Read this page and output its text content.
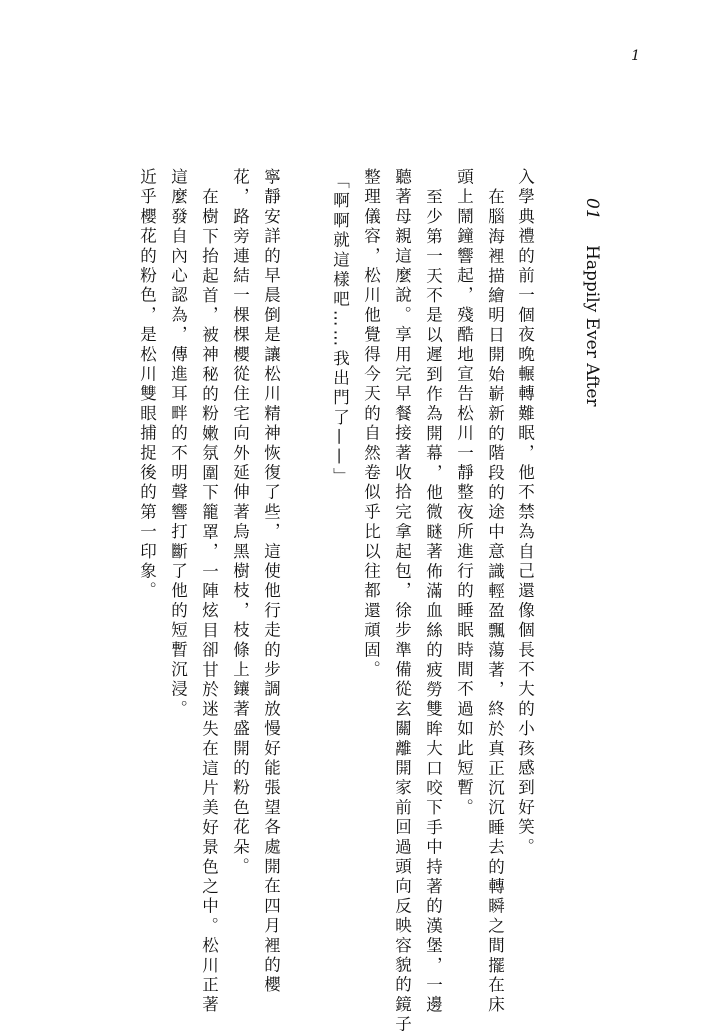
1
01 Happily Ever After
入學典禮的前一個夜晚輾轉難眠，他不禁為自己還像個長不大的小孩感到好笑。
在腦海裡描繪明日開始嶄新的階段的途中意識輕盈飄蕩著，終於真正沉沉睡去的轉瞬之間擺在床
頭上鬧鐘響起，殘酷地宣告松川一靜整夜所進行的睡眠時間不過如此短暫。
至少第一天不是以遲到作為開幕，他微瞇著佈滿血絲的疲勞雙眸大口咬下手中持著的漢堡，一邊
聽著母親這麼說。享用完早餐接著收拾完拿起包，徐步準備從玄關離開家前回過頭向反映容貌的鏡子
整理儀容，松川他覺得今天的自然卷似乎比以往都還頑固。
「啊啊就這樣吧……我出門了——」
寧靜安詳的早晨倒是讓松川精神恢復了些，這使他行走的步調放慢好能張望各處開在四月裡的櫻
花，路旁連結一棵棵櫻從住宅向外延伸著烏黑樹枝，枝條上鑲著盛開的粉色花朵。
在樹下抬起首，被神秘的粉嫩氛圍下籠罩，一陣炫目卻甘於迷失在這片美好景色之中。松川正著
這麼發自內心認為，傳進耳畔的不明聲響打斷了他的短暫沉浸。
近乎櫻花的粉色，是松川雙眼捕捉後的第一印象。
